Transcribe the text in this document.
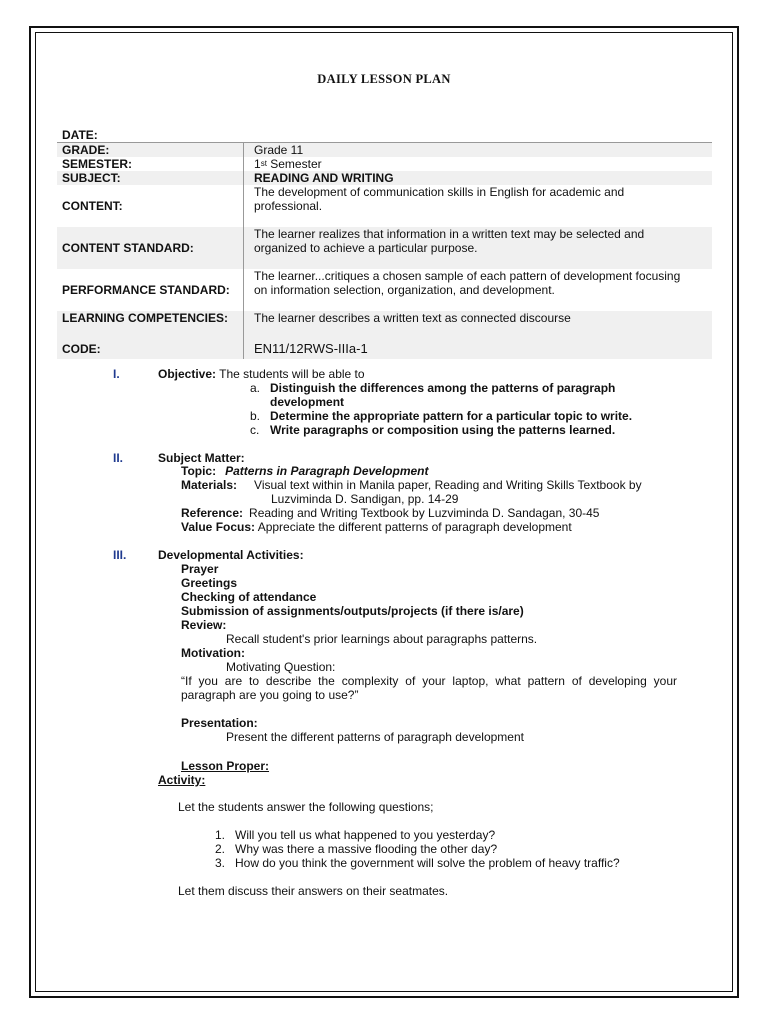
DAILY LESSON PLAN
DATE:
GRADE:	Grade 11
SEMESTER:	1 st Semester
SUBJECT:	READING AND WRITING
CONTENT:
The development of communication skills in English for academic and
professional.
CONTENT STANDARD:
The learner realizes that information in a written text may be selected and
organized to achieve a particular purpose.
PERFORMANCE STANDARD:
The learner...critiques a chosen sample of each pattern of development focusing
on information selection, organization, and development.
LEARNING COMPETENCIES:	The learner describes a written text as connected discourse
CODE:	EN11/12RWS-IIIa-1
I.	Objective: The students will be able to
a. Distinguish the differences among the patterns of paragraph
development
b. Determine the appropriate pattern for a particular topic to write.
c. Write paragraphs or composition using the patterns learned.
II.	Subject Matter:
Topic: Patterns in Paragraph Development
Materials: Visual text within in Manila paper, Reading and Writing Skills Textbook by
Luzviminda D. Sandigan, pp. 14-29
Reference: Reading and Writing Textbook by Luzviminda D. Sandagan, 30-45
Value Focus: Appreciate the different patterns of paragraph development
III.	Developmental Activities:
Prayer
Greetings
Checking of attendance
Submission of assignments/outputs/projects (if there is/are)
Review:
Recall student's prior learnings about paragraphs patterns.
Motivation:
Motivating Question:
“If you are to describe the complexity of your laptop, what pattern of developing your
paragraph are you going to use?”
Presentation:
Present the different patterns of paragraph development
Lesson Proper:
Activity:
Let the students answer the following questions;
1. Will you tell us what happened to you yesterday?
2. Why was there a massive flooding the other day?
3. How do you think the government will solve the problem of heavy traffic?
Let them discuss their answers on their seatmates.
